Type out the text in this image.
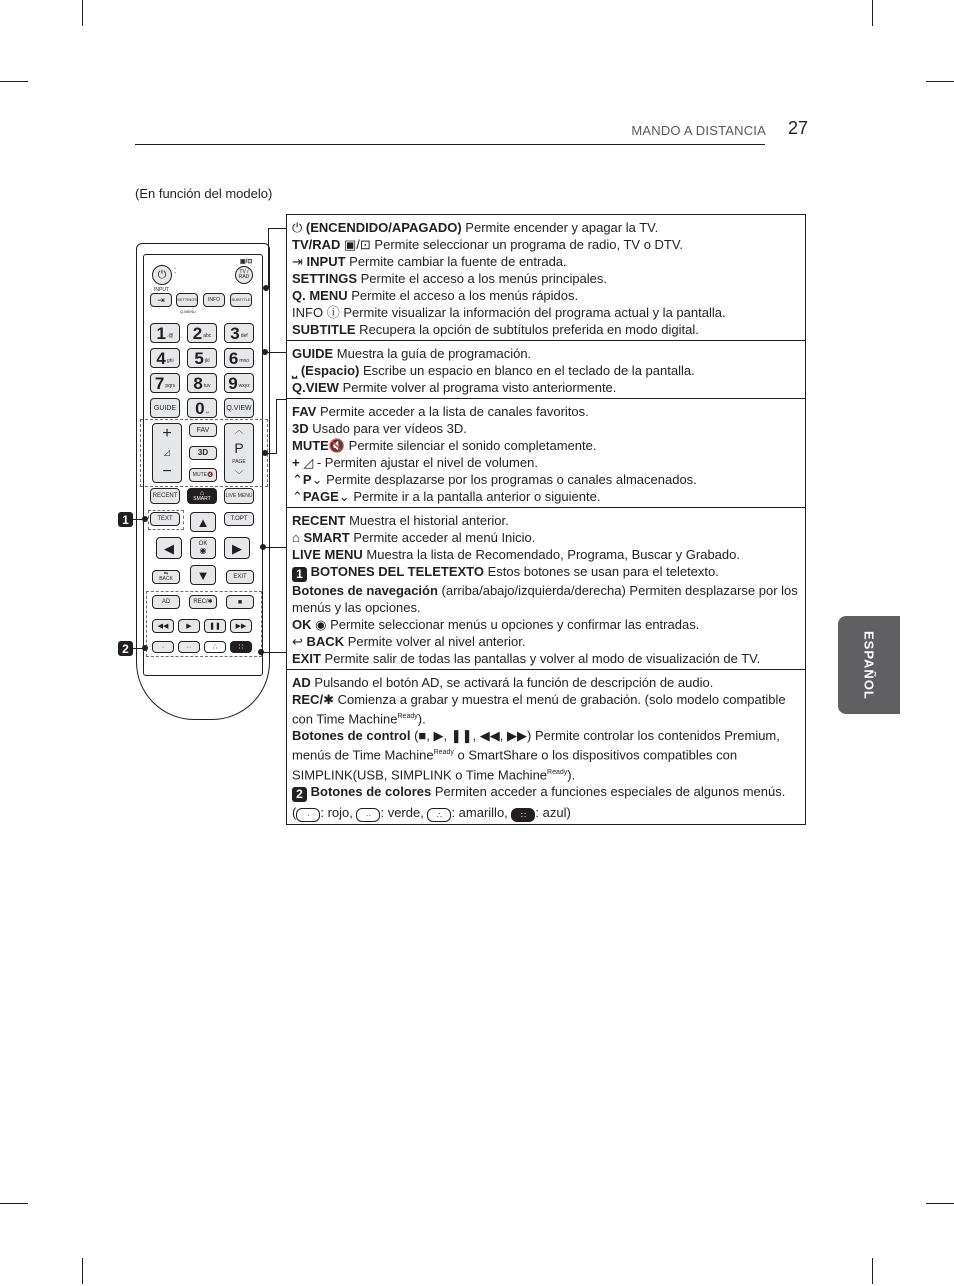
MANDO A DISTANCIA 27
(En función del modelo)
ESPAÑOL
⏻ ⁚
▣/⊡
TV / RAD
INPUT
⇥	SETTINGS INFO	SUBTITLE
Q.MENU
1 .@ 2 abc 3 def
4 ghi 5 jkl 6 mno
7 pqrs 8 tuv 9 wxyz
GUIDE 0 ␣	Q.VIEW
+
◿
−
FAV
3D
MUTE 🔇
︿
P
PAGE
﹀
RECENT	⌂
SMART
LIVE MENU
TEXT	T.OPT
▲
◀	OK
◉ ▶
▼
⇆
BACK	EXIT
AD	REC/ ✱	■
◀◀	▶ ❚❚ ▶▶
·	··	∴	∷
1
2
⏻ (ENCENDIDO/APAGADO) Permite encender y apagar la TV.
TV/RAD ▣/⊡ Permite seleccionar un programa de radio, TV o DTV.
⇥ INPUT Permite cambiar la fuente de entrada.
SETTINGS Permite el acceso a los menús principales.
Q. MENU Permite el acceso a los menús rápidos.
INFO ⓘ Permite visualizar la información del programa actual y la pantalla.
SUBTITLE Recupera la opción de subtítulos preferida en modo digital.
GUIDE Muestra la guía de programación.
⎵ (Espacio) Escribe un espacio en blanco en el teclado de la pantalla.
Q.VIEW Permite volver al programa visto anteriormente.
FAV Permite acceder a la lista de canales favoritos.
3D Usado para ver vídeos 3D.
MUTE🔇 Permite silenciar el sonido completamente.
+ ◿ - Permiten ajustar el nivel de volumen.
⌃P⌄ Permite desplazarse por los programas o canales almacenados.
⌃PAGE⌄ Permite ir a la pantalla anterior o siguiente.
RECENT Muestra el historial anterior.
⌂ SMART Permite acceder al menú Inicio.
LIVE MENU Muestra la lista de Recomendado, Programa, Buscar y Grabado.
1 BOTONES DEL TELETEXTO Estos botones se usan para el teletexto.
Botones de navegación (arriba/abajo/izquierda/derecha) Permiten desplazarse por los menús y las opciones.
OK ◉ Permite seleccionar menús u opciones y confirmar las entradas.
↩ BACK Permite volver al nivel anterior.
EXIT Permite salir de todas las pantallas y volver al modo de visualización de TV.
AD Pulsando el botón AD, se activará la función de descripción de audio.
REC/✱ Comienza a grabar y muestra el menú de grabación. (solo modelo compatible con Time Machine$^{Ready}$).
Botones de control (■, ▶, ❚❚, ◀◀, ▶▶) Permite controlar los contenidos Premium, menús de Time Machine$^{Ready}$ o SmartShare o los dispositivos compatibles con SIMPLINK(USB, SIMPLINK o Time Machine$^{Ready}$).
2 Botones de colores Permiten acceder a funciones especiales de algunos menús.
( · : rojo, ·· : verde, ∴ : amarillo, ∷ : azul)
